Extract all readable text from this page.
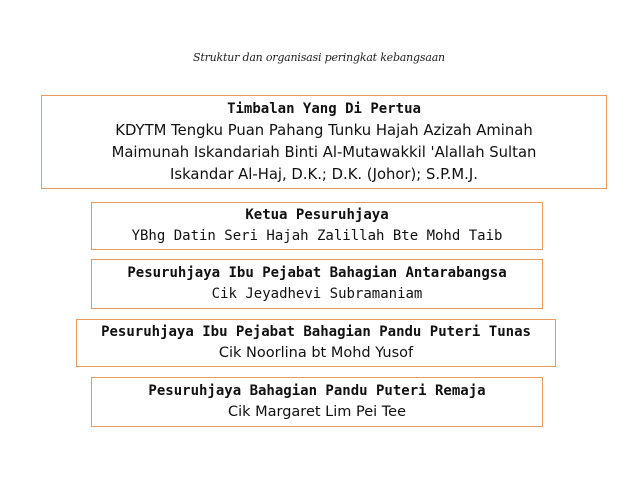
Struktur dan organisasi peringkat kebangsaan
Timbalan Yang Di Pertua
KDYTM Tengku Puan Pahang Tunku Hajah Azizah Aminah
Maimunah Iskandariah Binti Al-Mutawakkil 'Alallah Sultan
Iskandar Al-Haj, D.K.; D.K. (Johor); S.P.M.J.
Ketua Pesuruhjaya
YBhg Datin Seri Hajah Zalillah Bte Mohd Taib
Pesuruhjaya Ibu Pejabat Bahagian Antarabangsa
Cik Jeyadhevi Subramaniam
Pesuruhjaya Ibu Pejabat Bahagian Pandu Puteri Tunas
Cik Noorlina bt Mohd Yusof
Pesuruhjaya Bahagian Pandu Puteri Remaja
Cik Margaret Lim Pei Tee
